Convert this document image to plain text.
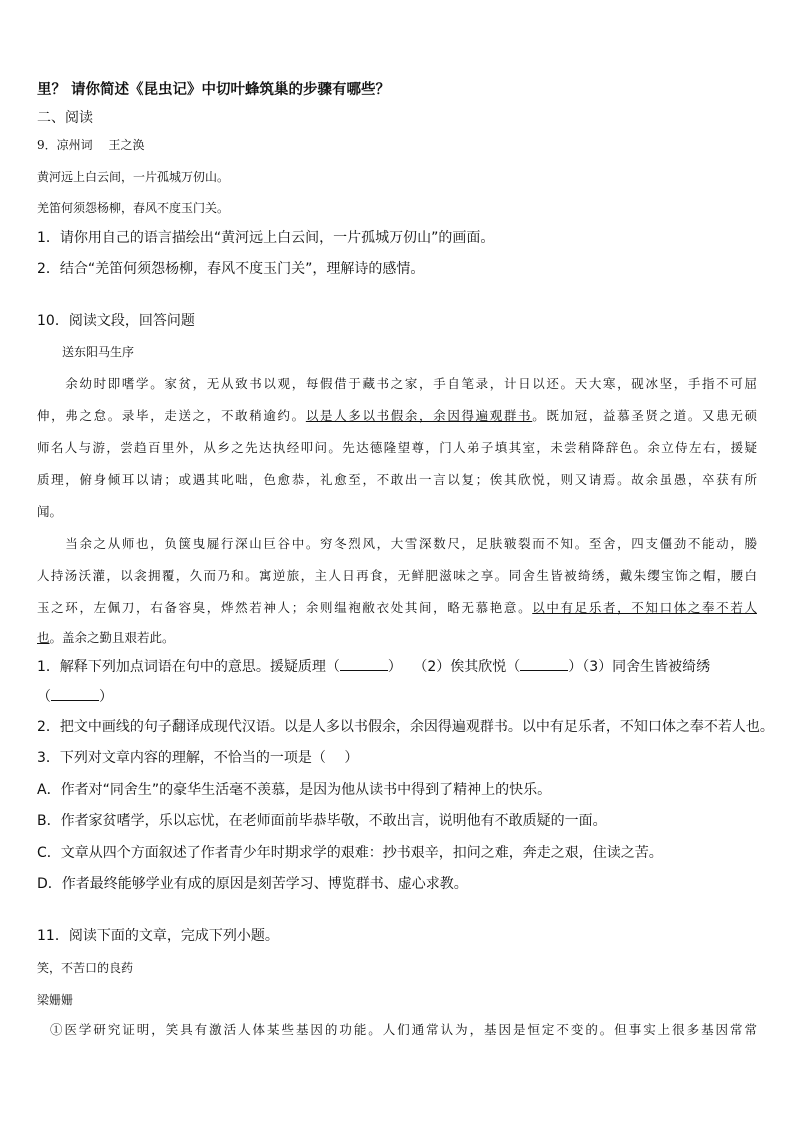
里？ 请你简述《昆虫记》中切叶蜂筑巢的步骤有哪些？
二、阅读
9．凉州词　 王之涣
黄河远上白云间，一片孤城万仞山。
羌笛何须怨杨柳，春风不度玉门关。
1．请你用自己的语言描绘出“黄河远上白云间，一片孤城万仞山”的画面。
2．结合“羌笛何须怨杨柳，春风不度玉门关”，理解诗的感情。
10．阅读文段，回答问题
送东阳马生序
　　余幼时即嗜学。家贫，无从致书以观，每假借于藏书之家，手自笔录，计日以还。天大寒，砚冰坚，手指不可屈
伸，弗之怠。录毕，走送之，不敢稍逾约。以是人多以书假余，余因得遍观群书。既加冠，益慕圣贤之道。又患无硕
师名人与游，尝趋百里外，从乡之先达执经叩问。先达德隆望尊，门人弟子填其室，未尝稍降辞色。余立侍左右，援疑
质理，俯身倾耳以请；或遇其叱咄，色愈恭，礼愈至，不敢出一言以复；俟其欣悦，则又请焉。故余虽愚，卒获有所
闻。
　　当余之从师也，负箧曳屣行深山巨谷中。穷冬烈风，大雪深数尺，足肤皲裂而不知。至舍，四支僵劲不能动，媵
人持汤沃灌，以衾拥覆，久而乃和。寓逆旅，主人日再食，无鲜肥滋味之享。同舍生皆被绮绣，戴朱缨宝饰之帽，腰白
玉之环，左佩刀，右备容臭，烨然若神人；余则缊袍敝衣处其间，略无慕艳意。以中有足乐者，不知口体之奉不若人
也。盖余之勤且艰若此。
1．解释下列加点词语在句中的意思。援疑质理（	）　 （2）俟其欣悦（	）（3）同舍生皆被绮绣
（	）
2．把文中画线的句子翻译成现代汉语。以是人多以书假余，余因得遍观群书。以中有足乐者，不知口体之奉不若人也。
3．下列对文章内容的理解，不恰当的一项是（　 ）
A．作者对“同舍生”的豪华生活毫不羡慕，是因为他从读书中得到了精神上的快乐。
B．作者家贫嗜学，乐以忘忧，在老师面前毕恭毕敬，不敢出言，说明他有不敢质疑的一面。
C．文章从四个方面叙述了作者青少年时期求学的艰难：抄书艰辛，扣问之难，奔走之艰，住读之苦。
D．作者最终能够学业有成的原因是刻苦学习、博览群书、虚心求教。
11．阅读下面的文章，完成下列小题。
笑，不苦口的良药
梁姗姗
①医学研究证明，笑具有激活人体某些基因的功能。人们通常认为，基因是恒定不变的。但事实上很多基因常常
